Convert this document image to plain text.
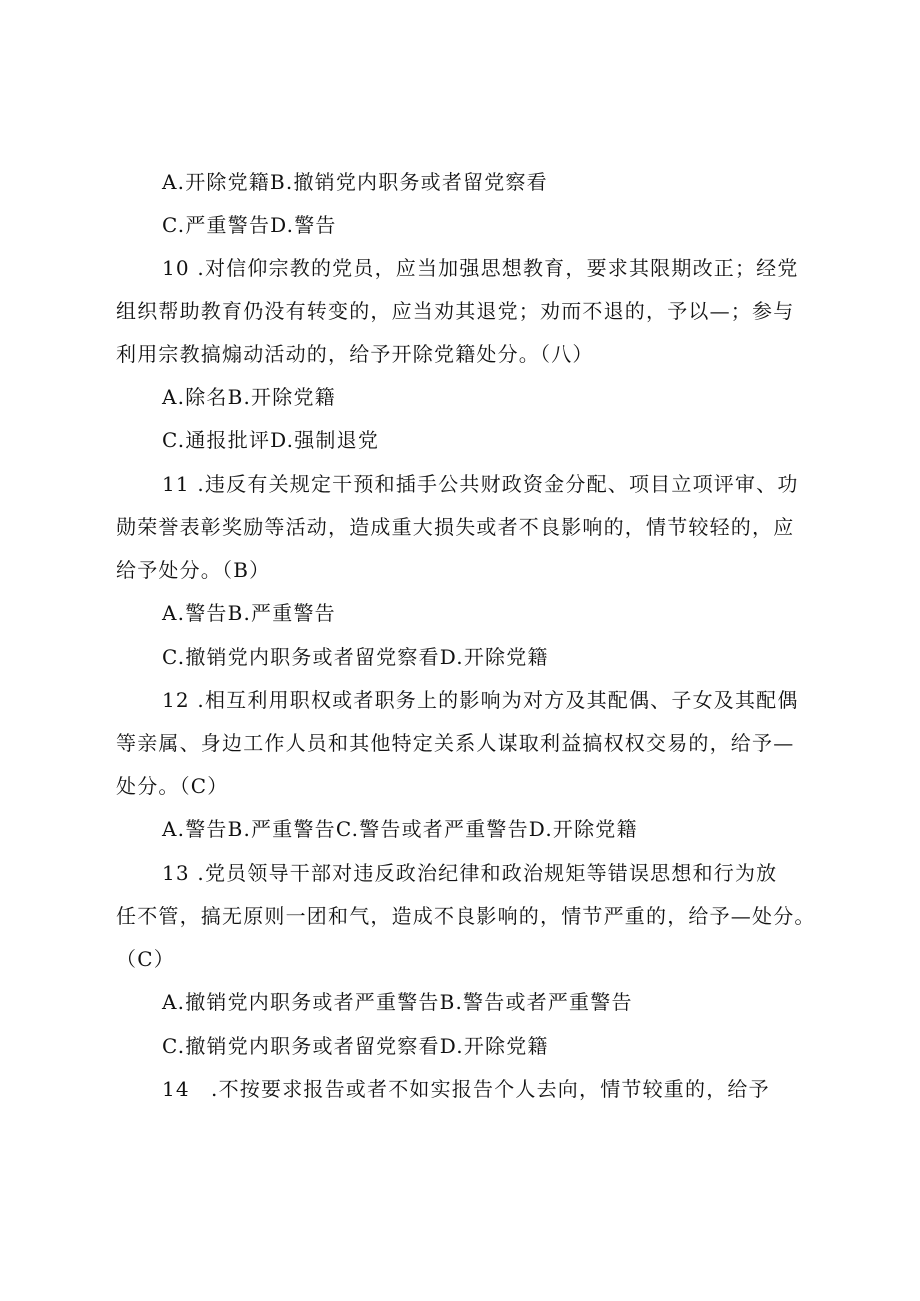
A.开除党籍B.撤销党内职务或者留党察看
C.严重警告D.警告
10 .对信仰宗教的党员，应当加强思想教育，要求其限期改正；经党
组织帮助教育仍没有转变的，应当劝其退党；劝而不退的，予以—；参与
利用宗教搞煽动活动的，给予开除党籍处分。（八）
A.除名B.开除党籍
C.通报批评D.强制退党
11 .违反有关规定干预和插手公共财政资金分配、项目立项评审、功
勋荣誉表彰奖励等活动，造成重大损失或者不良影响的，情节较轻的，应
给予处分。（B）
A.警告B.严重警告
C.撤销党内职务或者留党察看D.开除党籍
12 .相互利用职权或者职务上的影响为对方及其配偶、子女及其配偶
等亲属、身边工作人员和其他特定关系人谋取利益搞权权交易的，给予—
处分。（C）
A.警告B.严重警告C.警告或者严重警告D.开除党籍
13 .党员领导干部对违反政治纪律和政治规矩等错误思想和行为放
任不管，搞无原则一团和气，造成不良影响的，情节严重的，给予—处分。
（C）
A.撤销党内职务或者严重警告B.警告或者严重警告
C.撤销党内职务或者留党察看D.开除党籍
14　.不按要求报告或者不如实报告个人去向，情节较重的，给予
